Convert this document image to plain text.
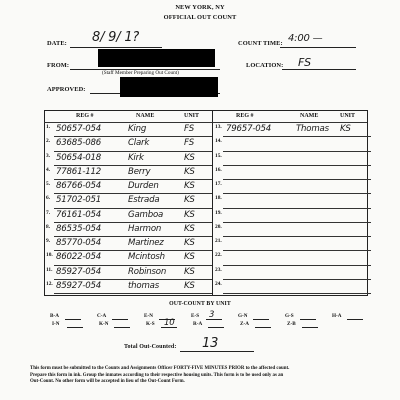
NEW YORK, NY
OFFICIAL OUT COUNT
DATE: 8/ 9/ 1?	COUNT TIME: 4:00 —
FROM:
(Staff Member Preparing Out Count)
LOCATION: FS
APPROVED:
REG #	NAME	UNIT	REG #	NAME	UNIT
1. 50657-054	King	FS
2. 63685-086	Clark	FS
3. 50654-018	Kirk	KS
4. 77861-112	Berry	KS
5. 86766-054	Durden	KS
6. 51702-051	Estrada	KS
7. 76161-054	Gamboa KS
8. 86535-054	Harmon	KS
9. 85770-054	Martinez KS
10. 86022-054	Mcintosh KS
11. 85927-054	Robinson KS
12. 85927-054	thomas	KS
13. 79657-054	Thomas KS
14.
15.
16.
17.
18.
19.
20.
21.
22.
23.
24.
OUT-COUNT BY UNIT
B-A	C-A	E-N	E-S 3	G-N	G-S	H-A
I-N	K-N	K-S 10	R-A	Z-A	Z-B
Total Out-Counted: 13
This form must be submitted to the Counts and Assignments Officer FORTY-FIVE MINUTES PRIOR to the affected count.
Prepare this form in ink. Group the inmates according to their respective housing units. This form is to be used only as an
Out-Count. No other form will be accepted in lieu of the Out-Count Form.
